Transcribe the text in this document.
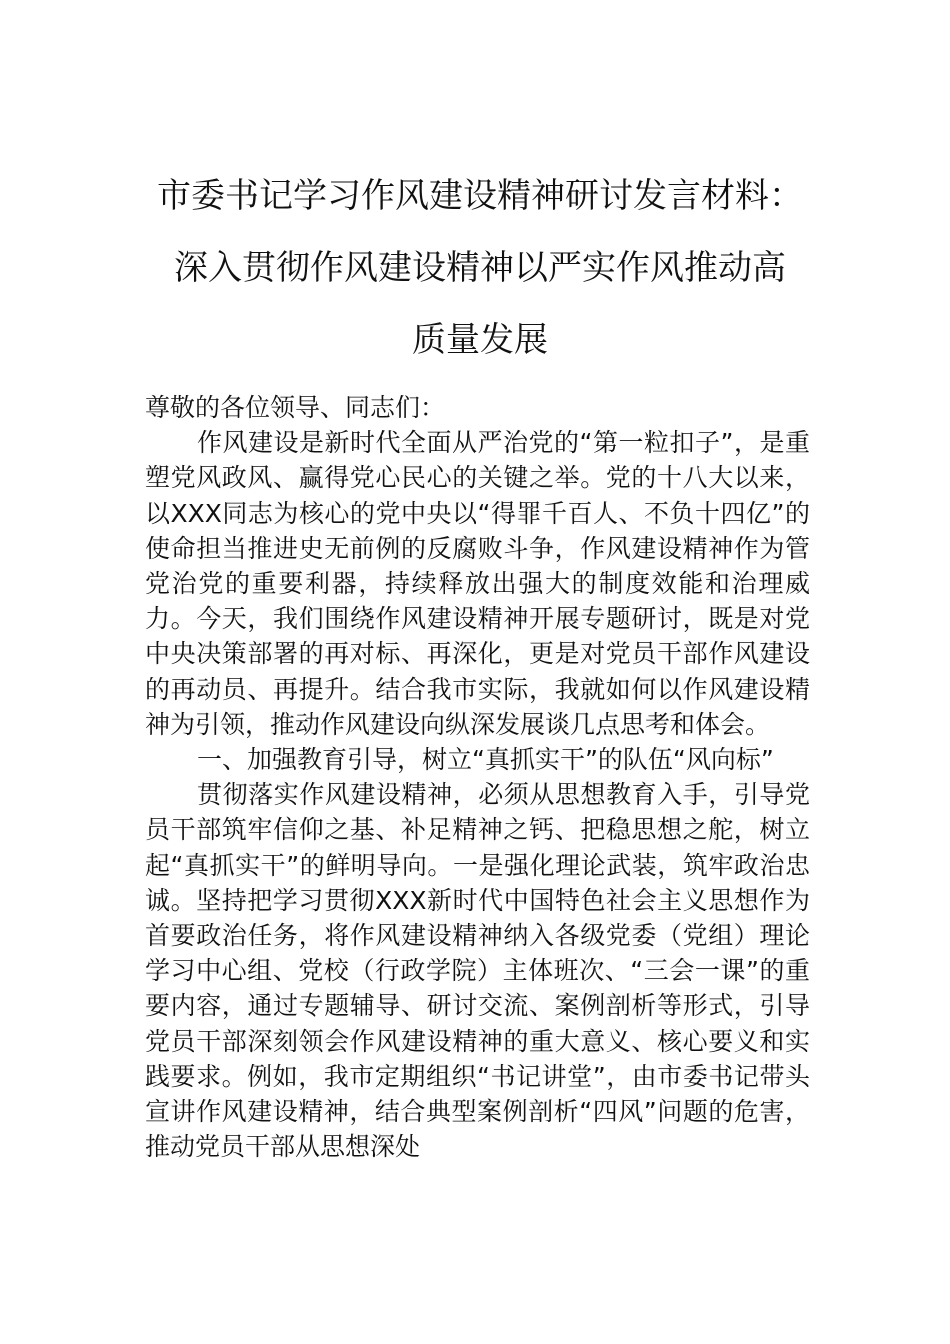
市委书记学习作风建设精神研讨发言材料：
深入贯彻作风建设精神以严实作风推动高
质量发展

尊敬的各位领导、同志们：

作风建设是新时代全面从严治党的“第一粒扣子”，是重塑党风政风、赢得党心民心的关键之举。党的十八大以来，以XXX同志为核心的党中央以“得罪千百人、不负十四亿”的使命担当推进史无前例的反腐败斗争，作风建设精神作为管党治党的重要利器，持续释放出强大的制度效能和治理威力。今天，我们围绕作风建设精神开展专题研讨，既是对党中央决策部署的再对标、再深化，更是对党员干部作风建设的再动员、再提升。结合我市实际，我就如何以作风建设精神为引领，推动作风建设向纵深发展谈几点思考和体会。

一、加强教育引导，树立“真抓实干”的队伍“风向标”

贯彻落实作风建设精神，必须从思想教育入手，引导党员干部筑牢信仰之基、补足精神之钙、把稳思想之舵，树立起“真抓实干”的鲜明导向。一是强化理论武装，筑牢政治忠诚。坚持把学习贯彻XXX新时代中国特色社会主义思想作为首要政治任务，将作风建设精神纳入各级党委（党组）理论学习中心组、党校（行政学院）主体班次、“三会一课”的重要内容，通过专题辅导、研讨交流、案例剖析等形式，引导党员干部深刻领会作风建设精神的重大意义、核心要义和实践要求。例如，我市定期组织“书记讲堂”，由市委书记带头宣讲作风建设精神，结合典型案例剖析“四风”问题的危害，推动党员干部从思想深处
